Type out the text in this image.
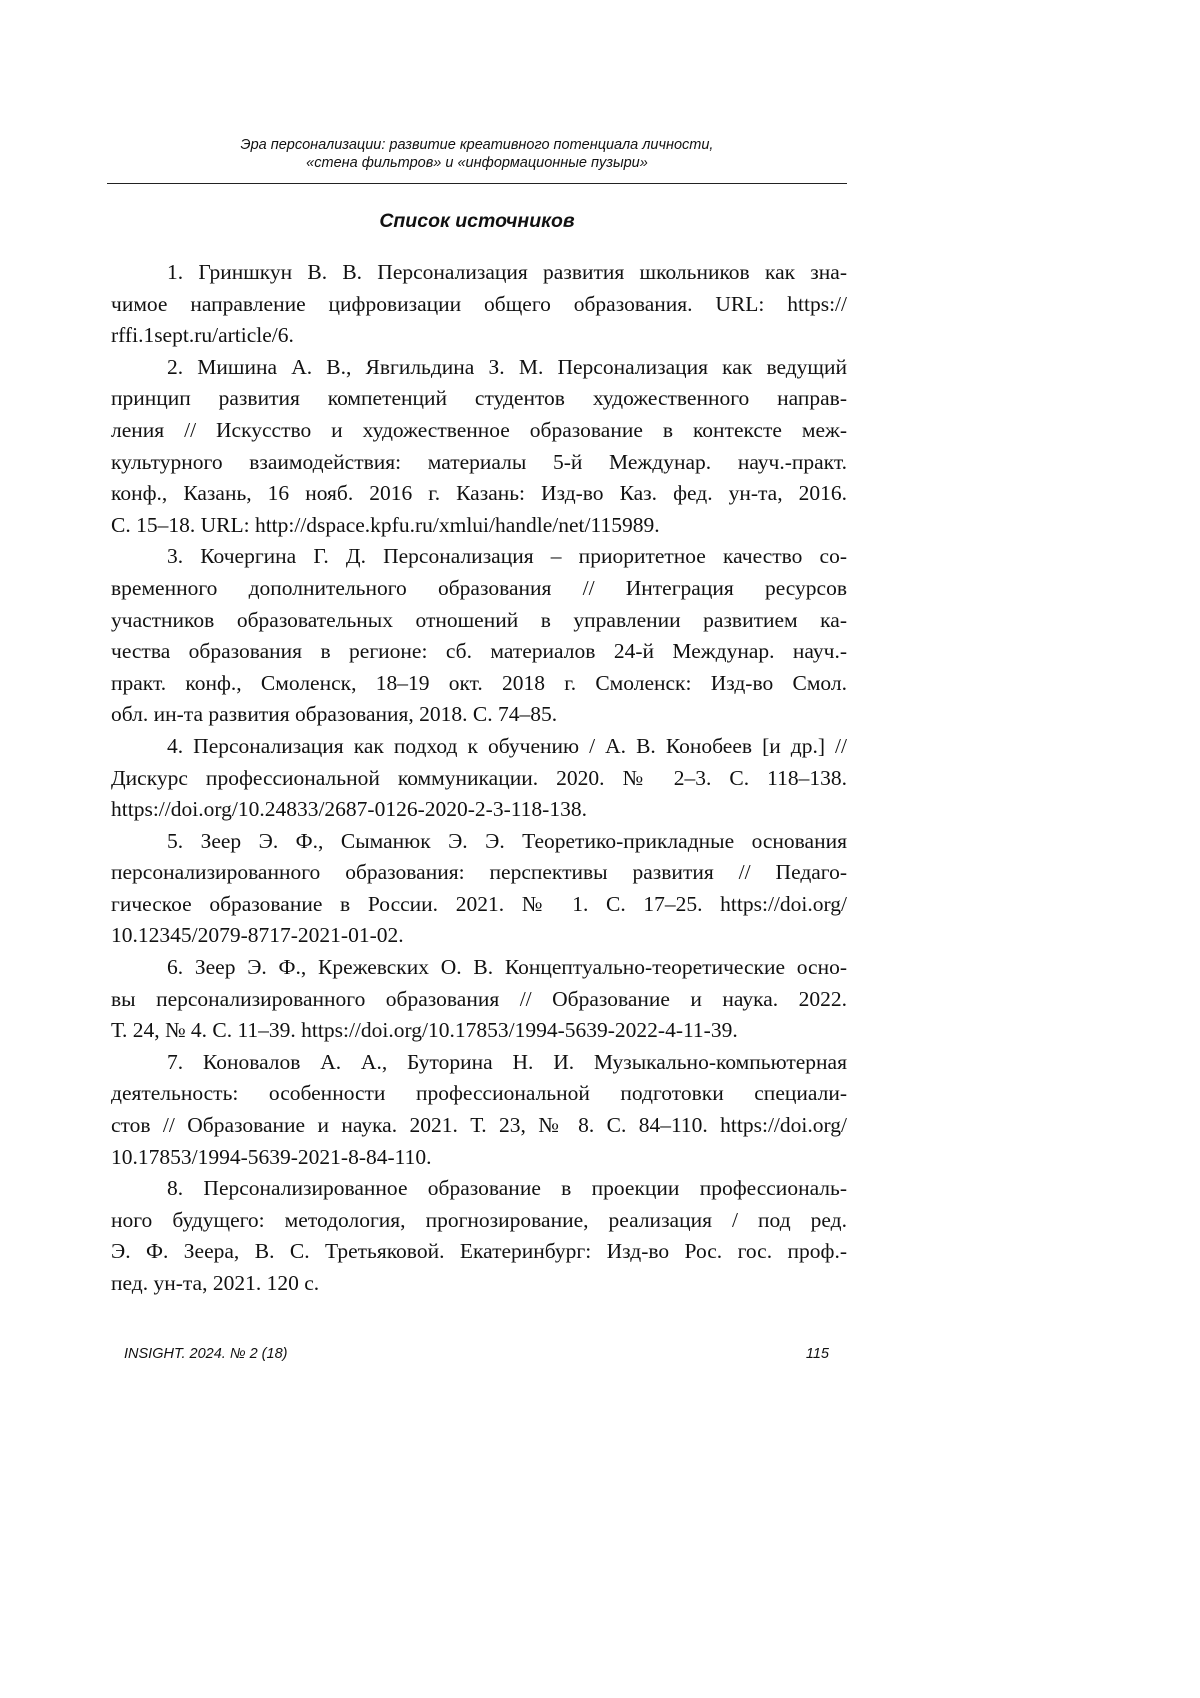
Эра персонализации: развитие креативного потенциала личности,
«стена фильтров» и «информационные пузыри»
Список источников
1. Гриншкун В. В. Персонализация развития школьников как зна-
чимое направление цифровизации общего образования. URL: https://
rffi.1sept.ru/article/6.
2. Мишина А. В., Явгильдина З. М. Персонализация как ведущий
принцип развития компетенций студентов художественного направ-
ления // Искусство и художественное образование в контексте меж-
культурного взаимодействия: материалы 5-й Междунар. науч.-практ.
конф., Казань, 16 нояб. 2016 г. Казань: Изд-во Каз. фед. ун-та, 2016.
С. 15–18. URL: http://dspace.kpfu.ru/xmlui/handle/net/115989.
3. Кочергина Г. Д. Персонализация – приоритетное качество со-
временного дополнительного образования // Интеграция ресурсов
участников образовательных отношений в управлении развитием ка-
чества образования в регионе: сб. материалов 24-й Междунар. науч.-
практ. конф., Смоленск, 18–19 окт. 2018 г. Смоленск: Изд-во Смол.
обл. ин-та развития образования, 2018. С. 74–85.
4. Персонализация как подход к обучению / А. В. Конобеев [и др.] //
Дискурс профессиональной коммуникации. 2020. № 2–3. С. 118–138.
https://doi.org/10.24833/2687-0126-2020-2-3-118-138.
5. Зеер Э. Ф., Сыманюк Э. Э. Теоретико-прикладные основания
персонализированного образования: перспективы развития // Педаго-
гическое образование в России. 2021. № 1. С. 17–25. https://doi.org/
10.12345/2079-8717-2021-01-02.
6. Зеер Э. Ф., Крежевских О. В. Концептуально-теоретические осно-
вы персонализированного образования // Образование и наука. 2022.
Т. 24, № 4. С. 11–39. https://doi.org/10.17853/1994-5639-2022-4-11-39.
7. Коновалов А. А., Буторина Н. И. Музыкально-компьютерная
деятельность: особенности профессиональной подготовки специали-
стов // Образование и наука. 2021. Т. 23, № 8. С. 84–110. https://doi.org/
10.17853/1994-5639-2021-8-84-110.
8. Персонализированное образование в проекции профессиональ-
ного будущего: методология, прогнозирование, реализация / под ред.
Э. Ф. Зеера, В. С. Третьяковой. Екатеринбург: Изд-во Рос. гос. проф.-
пед. ун-та, 2021. 120 с.
INSIGHT. 2024. № 2 (18)	115
